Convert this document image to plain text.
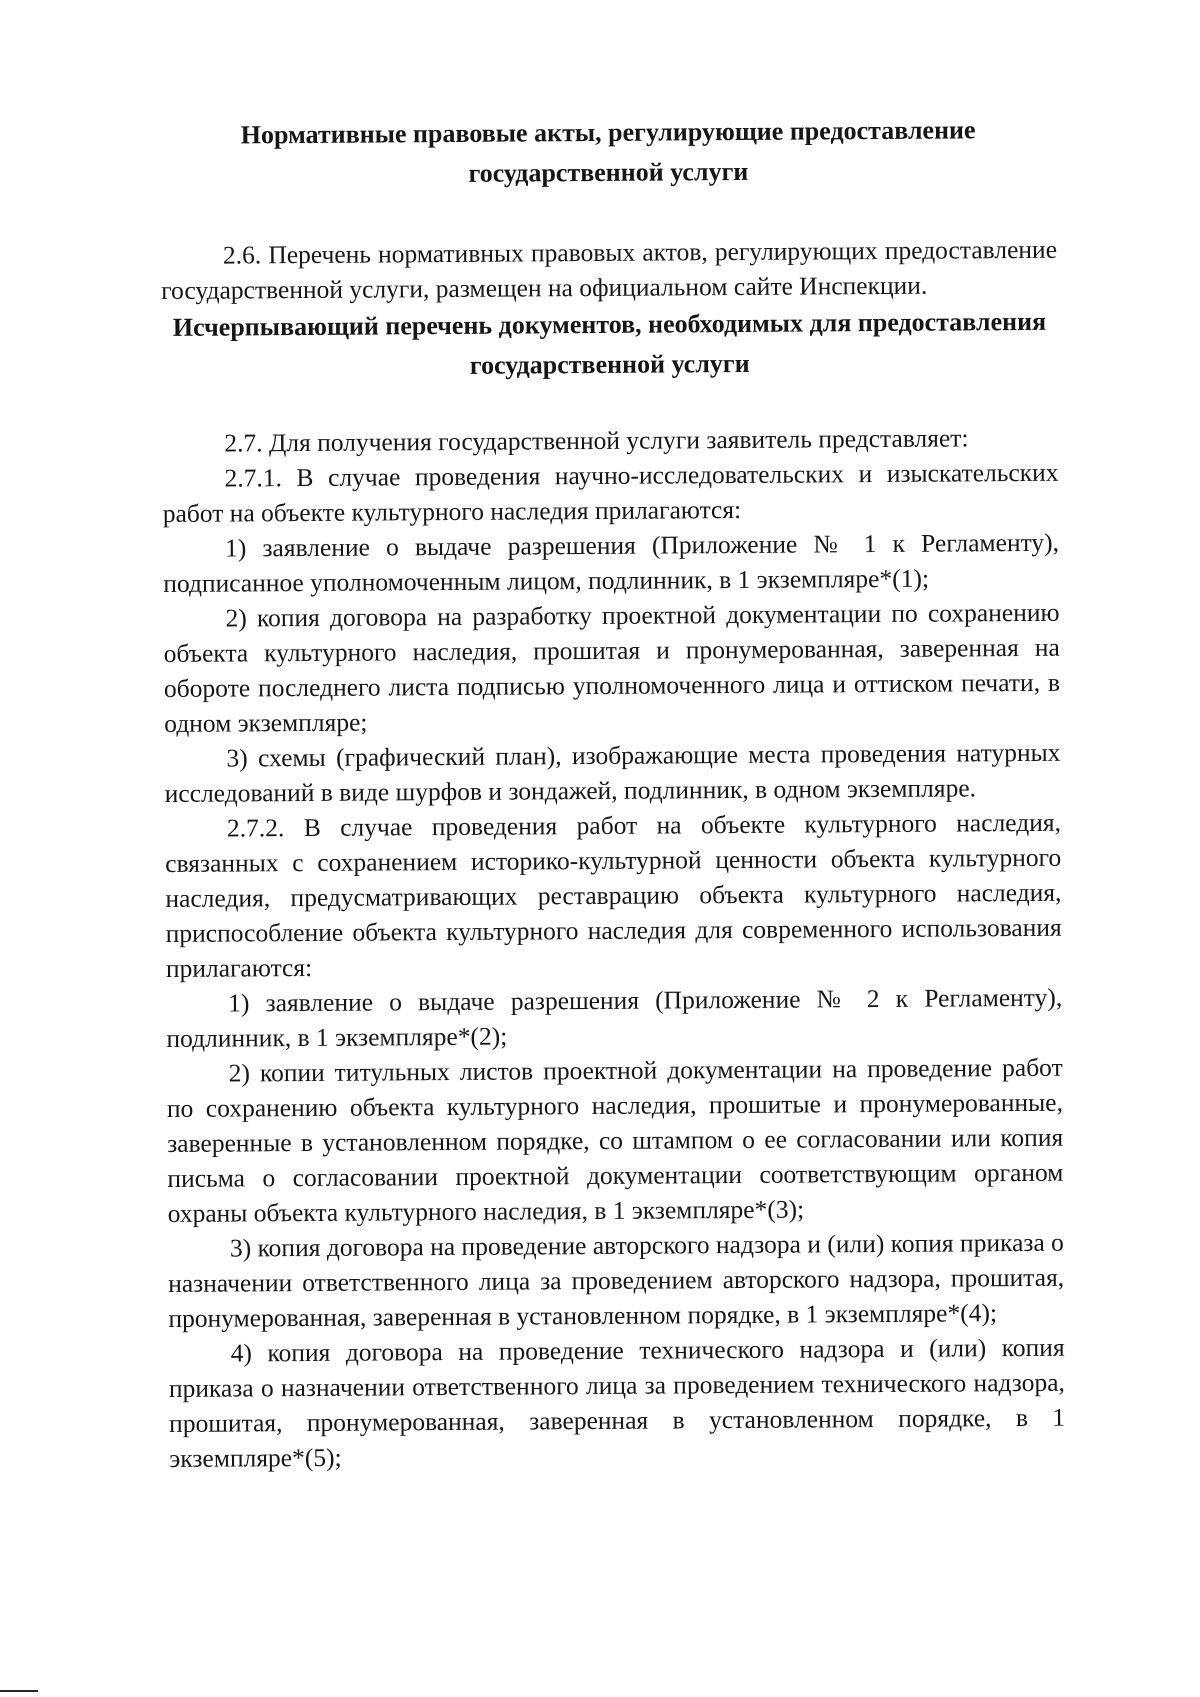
Нормативные правовые акты, регулирующие предоставление
государственной услуги

2.6. Перечень нормативных правовых актов, регулирующих предоставление государственной услуги, размещен на официальном сайте Инспекции.

Исчерпывающий перечень документов, необходимых для предоставления
государственной услуги

2.7. Для получения государственной услуги заявитель представляет:

2.7.1. В случае проведения научно-исследовательских и изыскательских работ на объекте культурного наследия прилагаются:

1) заявление о выдаче разрешения (Приложение № 1 к Регламенту), подписанное уполномоченным лицом, подлинник, в 1 экземпляре*(1);

2) копия договора на разработку проектной документации по сохранению объекта культурного наследия, прошитая и пронумерованная, заверенная на обороте последнего листа подписью уполномоченного лица и оттиском печати, в одном экземпляре;

3) схемы (графический план), изображающие места проведения натурных исследований в виде шурфов и зондажей, подлинник, в одном экземпляре.

2.7.2. В случае проведения работ на объекте культурного наследия, связанных с сохранением историко-культурной ценности объекта культурного наследия, предусматривающих реставрацию объекта культурного наследия, приспособление объекта культурного наследия для современного использования прилагаются:

1) заявление о выдаче разрешения (Приложение № 2 к Регламенту), подлинник, в 1 экземпляре*(2);

2) копии титульных листов проектной документации на проведение работ по сохранению объекта культурного наследия, прошитые и пронумерованные, заверенные в установленном порядке, со штампом о ее согласовании или копия письма о согласовании проектной документации соответствующим органом охраны объекта культурного наследия, в 1 экземпляре*(3);

3) копия договора на проведение авторского надзора и (или) копия приказа о назначении ответственного лица за проведением авторского надзора, прошитая, пронумерованная, заверенная в установленном порядке, в 1 экземпляре*(4);

4) копия договора на проведение технического надзора и (или) копия приказа о назначении ответственного лица за проведением технического надзора, прошитая, пронумерованная, заверенная в установленном порядке, в 1 экземпляре*(5);
